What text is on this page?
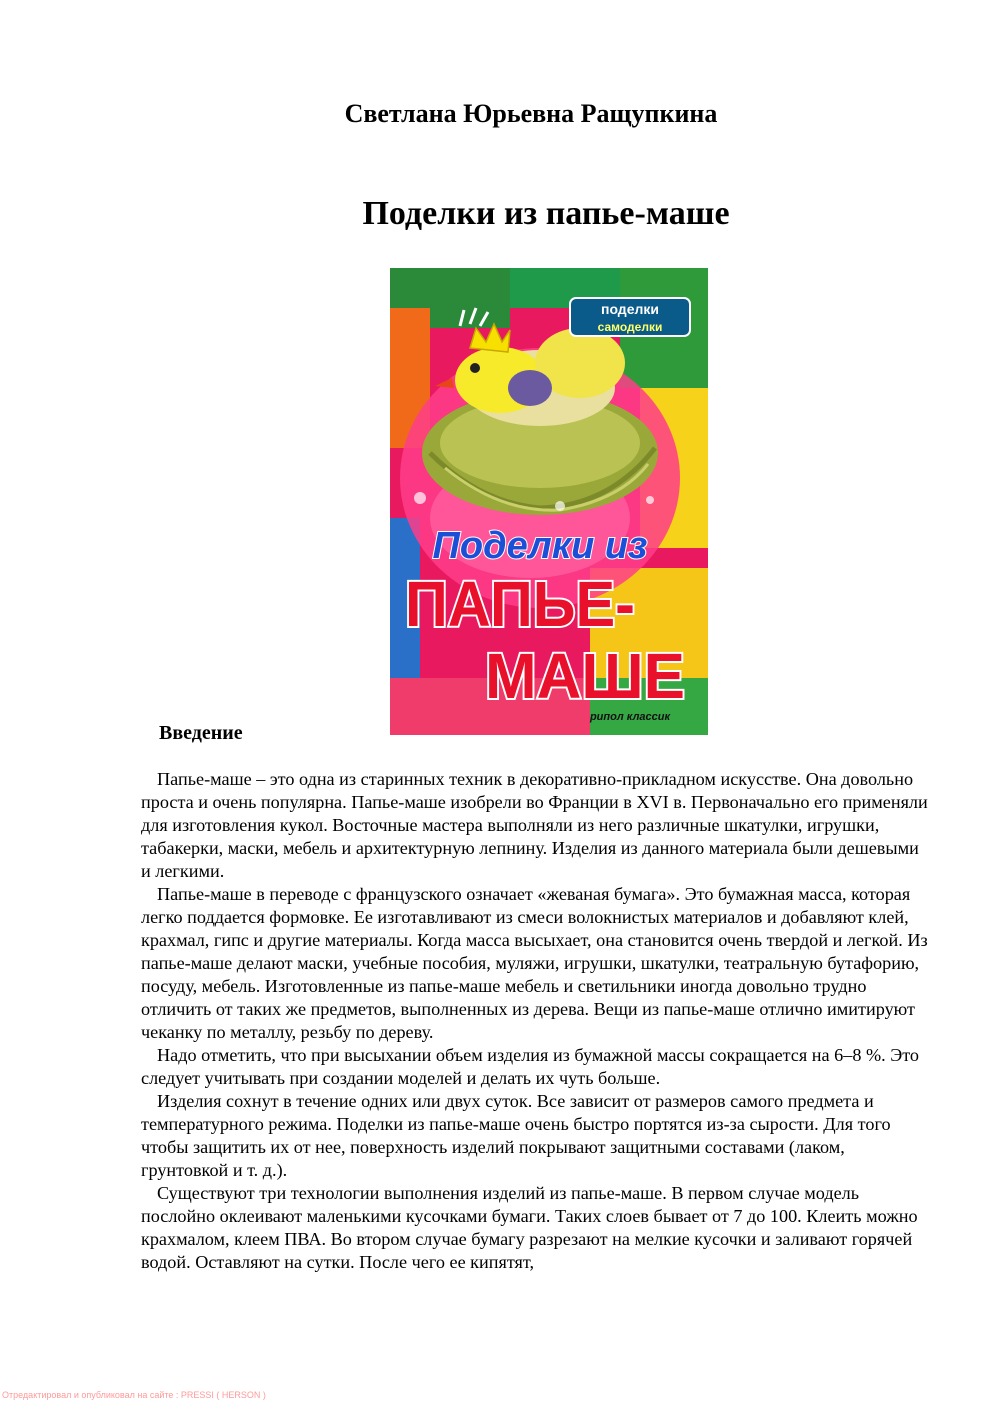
Светлана Юрьевна Ращупкина
Поделки из папье-маше
поделки
самоделки
Поделки из
ПАПЬЕ-
МАШЕ
рипол классик
Введение

Папье-маше – это одна из старинных техник в декоративно-прикладном искусстве. Она довольно проста и очень популярна. Папье-маше изобрели во Франции в XVI в. Первоначально его применяли для изготовления кукол. Восточные мастера выполняли из него различные шкатулки, игрушки, табакерки, маски, мебель и архитектурную лепнину. Изделия из данного материала были дешевыми и легкими.

Папье-маше в переводе с французского означает «жеваная бумага». Это бумажная масса, которая легко поддается формовке. Ее изготавливают из смеси волокнистых материалов и добавляют клей, крахмал, гипс и другие материалы. Когда масса высыхает, она становится очень твердой и легкой. Из папье-маше делают маски, учебные пособия, муляжи, игрушки, шкатулки, театральную бутафорию, посуду, мебель. Изготовленные из папье-маше мебель и светильники иногда довольно трудно отличить от таких же предметов, выполненных из дерева. Вещи из папье-маше отлично имитируют чеканку по металлу, резьбу по дереву.

Надо отметить, что при высыхании объем изделия из бумажной массы сокращается на 6–8 %. Это следует учитывать при создании моделей и делать их чуть больше.

Изделия сохнут в течение одних или двух суток. Все зависит от размеров самого предмета и температурного режима. Поделки из папье-маше очень быстро портятся из-за сырости. Для того чтобы защитить их от нее, поверхность изделий покрывают защитными составами (лаком, грунтовкой и т. д.).

Существуют три технологии выполнения изделий из папье-маше. В первом случае модель послойно оклеивают маленькими кусочками бумаги. Таких слоев бывает от 7 до 100. Клеить можно крахмалом, клеем ПВА. Во втором случае бумагу разрезают на мелкие кусочки и заливают горячей водой. Оставляют на сутки. После чего ее кипятят,

Отредактировал и опубликовал на сайте : PRESSI ( HERSON )
